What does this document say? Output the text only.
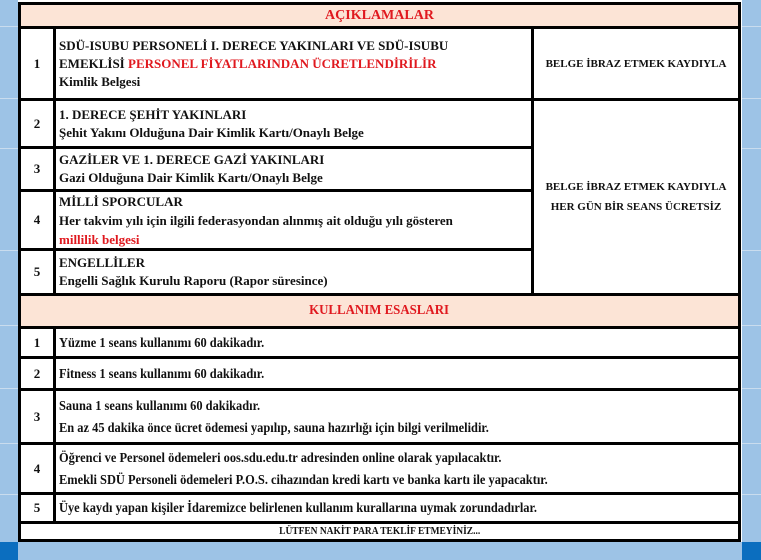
AÇIKLAMALAR
1
SDÜ-ISUBU PERSONELİ I. DERECE YAKINLARI VE SDÜ-ISUBU
EMEKLİSİ PERSONEL FİYATLARINDAN ÜCRETLENDİRİLİR
Kimlik Belgesi
BELGE İBRAZ ETMEK KAYDIYLA
2
1. DERECE ŞEHİT YAKINLARI
Şehit Yakını Olduğuna Dair Kimlik Kartı/Onaylı Belge
3
GAZİLER VE 1. DERECE GAZİ YAKINLARI
Gazi Olduğuna Dair Kimlik Kartı/Onaylı Belge
4
MİLLİ SPORCULAR
Her takvim yılı için ilgili federasyondan alınmış ait olduğu yılı gösteren
millilik belgesi
5
ENGELLİLER
Engelli Sağlık Kurulu Raporu (Rapor süresince)
BELGE İBRAZ ETMEK KAYDIYLA
HER GÜN BİR SEANS ÜCRETSİZ
KULLANIM ESASLARI
1 Yüzme 1 seans kullanımı 60 dakikadır.
2 Fitness 1 seans kullanımı 60 dakikadır.
3
Sauna 1 seans kullanımı 60 dakikadır.
En az 45 dakika önce ücret ödemesi yapılıp, sauna hazırlığı için bilgi verilmelidir.
4
Öğrenci ve Personel ödemeleri oos.sdu.edu.tr adresinden online olarak yapılacaktır.
Emekli SDÜ Personeli ödemeleri P.O.S. cihazından kredi kartı ve banka kartı ile yapacaktır.
5 Üye kaydı yapan kişiler İdaremizce belirlenen kullanım kurallarına uymak zorundadırlar.
LÜTFEN NAKİT PARA TEKLİF ETMEYİNİZ...
